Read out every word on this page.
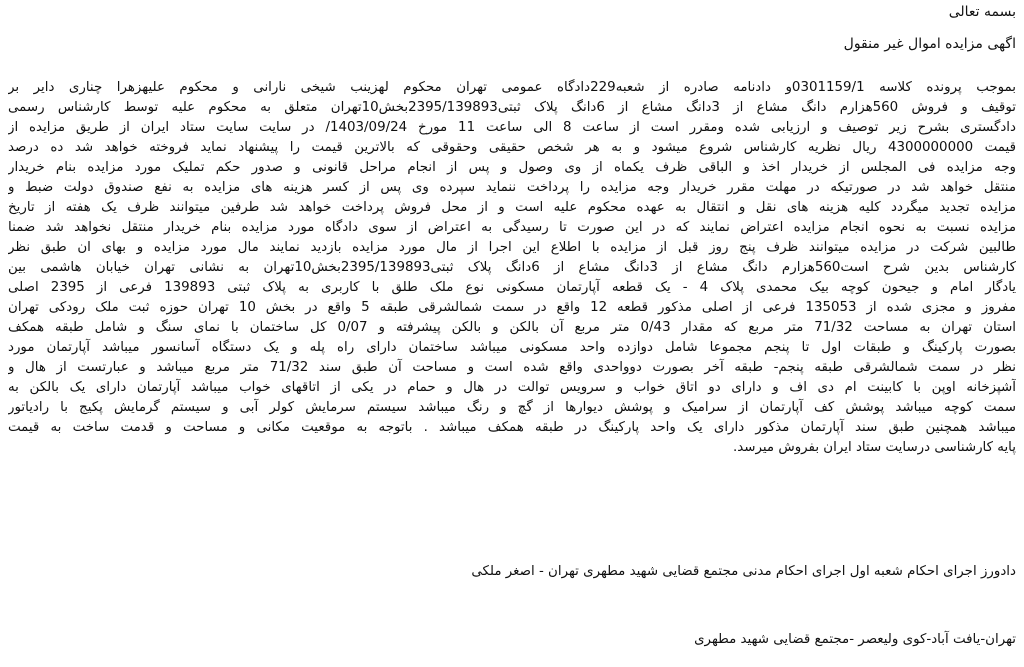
بسمه تعالی
اگهی مزایده اموال غیر منقول
بموجب پرونده کلاسه 0301159/1و دادنامه صادره از شعبه229دادگاه عمومی تهران محکوم لهزینب شیخی نارانی و محکوم علیهزهرا چناری دایر بر
توقیف و فروش 560هزارم دانگ مشاع از 3دانگ مشاع از 6دانگ پلاک ثبتی2395/139893بخش10تهران متعلق به محکوم علیه توسط کارشناس رسمی
دادگستری بشرح زیر توصیف و ارزیابی شده ومقرر است از ساعت 8 الی ساعت 11 مورخ 1403/09/24/ در سایت سایت ستاد ایران از طریق مزایده از
قیمت 4300000000 ریال نظریه کارشناس شروع میشود و به هر شخص حقیقی وحقوقی که بالاترین قیمت را پیشنهاد نماید فروخته خواهد شد ده درصد
وجه مزایده فی المجلس از خریدار اخذ و الباقی ظرف یکماه از وی وصول و پس از انجام مراحل قانونی و صدور حکم تملیک مورد مزایده بنام خریدار
منتقل خواهد شد در صورتیکه در مهلت مقرر خریدار وجه مزایده را پرداخت ننماید سپرده وی پس از کسر هزینه های مزایده به نفع صندوق دولت ضبط و
مزایده تجدید میگردد کلیه هزینه های نقل و انتقال به عهده محکوم علیه است و از محل فروش پرداخت خواهد شد طرفین میتوانند ظرف یک هفته از تاریخ
مزایده نسبت به نحوه انجام مزایده اعتراض نمایند که در این صورت تا رسیدگی به اعتراض از سوی دادگاه مورد مزایده بنام خریدار منتقل نخواهد شد ضمنا
طالبین شرکت در مزایده میتوانند ظرف پنج روز قبل از مزایده با اطلاع این اجرا از مال مورد مزایده بازدید نمایند مال مورد مزایده و بهای ان طبق نظر
کارشناس بدین شرح است560هزارم دانگ مشاع از 3دانگ مشاع از 6دانگ پلاک ثبتی2395/139893بخش10تهران به نشانی تهران خیابان هاشمی بین
یادگار امام و جیحون کوچه بیک محمدی پلاک 4 - یک قطعه آپارتمان مسکونی نوع ملک طلق با کاربری به پلاک ثبتی 139893 فرعی از 2395 اصلی
مفروز و مجزی شده از 135053 فرعی از اصلی مذکور قطعه 12 واقع در سمت شمالشرقی طبقه 5 واقع در بخش 10 تهران حوزه ثبت ملک رودکی تهران
استان تهران به مساحت 71/32 متر مربع که مقدار 0/43 متر مربع آن بالکن و بالکن پیشرفته و 0/07 کل ساختمان با نمای سنگ و شامل طبقه همکف
بصورت پارکینگ و طبقات اول تا پنجم مجموعا شامل دوازده واحد مسکونی میباشد ساختمان دارای راه پله و یک دستگاه آسانسور میباشد آپارتمان مورد
نظر در سمت شمالشرقی طبقه پنجم- طبقه آخر بصورت دوواحدی واقع شده است و مساحت آن طبق سند 71/32 متر مربع میباشد و عبارتست از هال و
آشپزخانه اوپن با کابینت ام دی اف و دارای دو اتاق خواب و سرویس توالت در هال و حمام در یکی از اتاقهای خواب میباشد آپارتمان دارای یک بالکن به
سمت کوچه میباشد پوشش کف آپارتمان از سرامیک و پوشش دیوارها از گچ و رنگ میباشد سیستم سرمایش کولر آبی و سیستم گرمایش پکیج با رادیاتور
میباشد همچنین طبق سند آپارتمان مذکور دارای یک واحد پارکینگ در طبقه همکف میباشد . باتوجه به موقعیت مکانی و مساحت و قدمت ساخت به قیمت
پایه کارشناسی درسایت ستاد ایران بفروش میرسد.
دادورز اجرای احکام شعبه اول اجرای احکام مدنی مجتمع قضایی شهید مطهری تهران - اصغر ملکی
تهران-یافت آباد-کوی ولیعصر -مجتمع قضایی شهید مطهری
